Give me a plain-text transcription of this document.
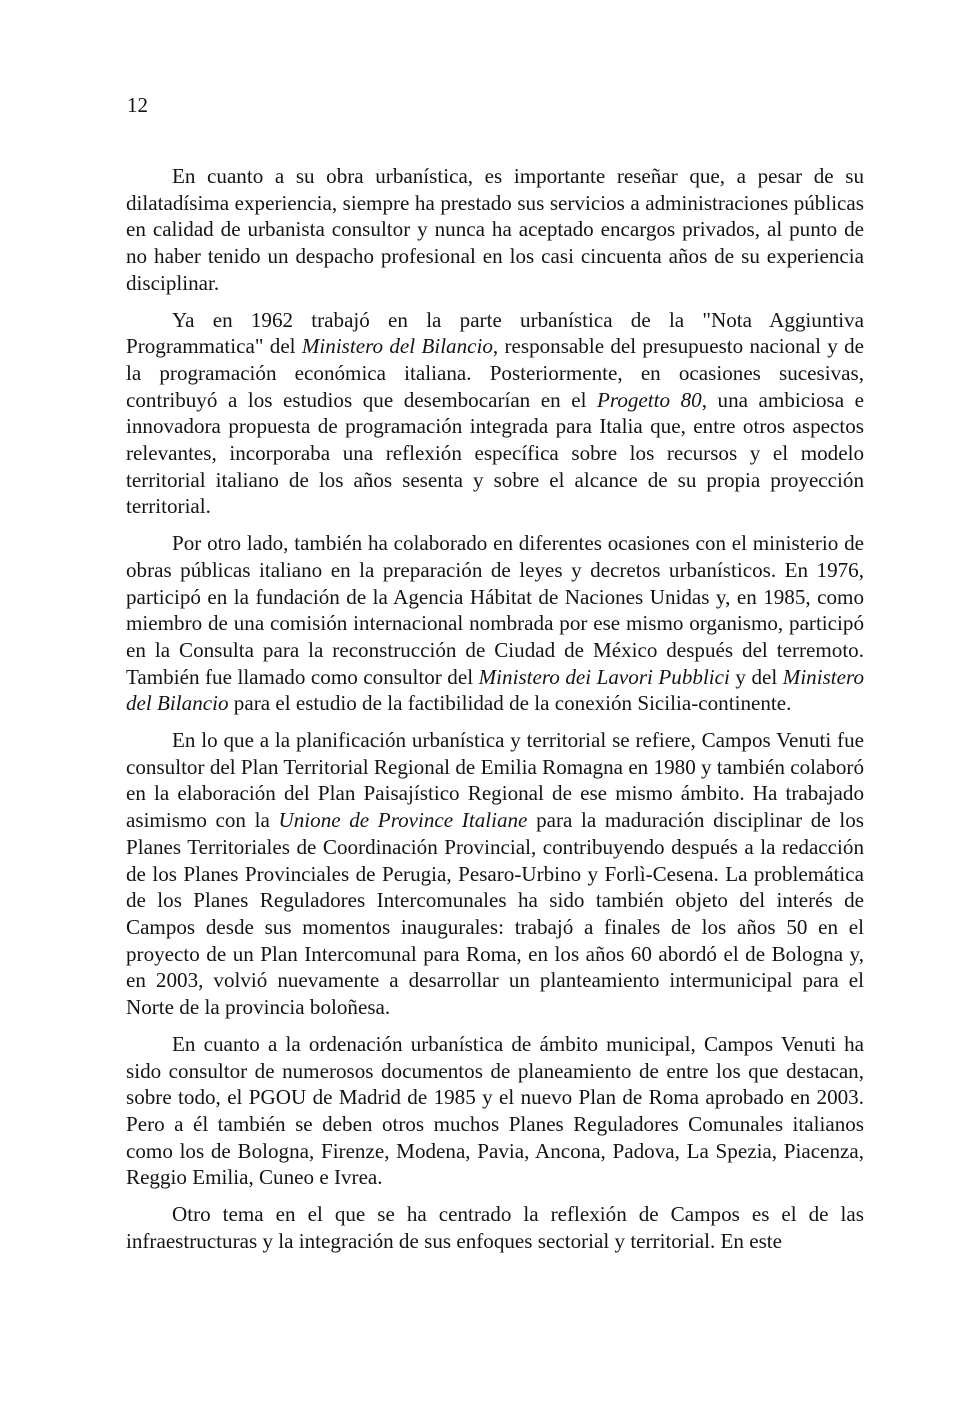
12

En cuanto a su obra urbanística, es importante reseñar que, a pesar de su dilatadísima experiencia, siempre ha prestado sus servicios a administraciones públicas en calidad de urbanista consultor y nunca ha aceptado encargos privados, al punto de no haber tenido un despacho profesional en los casi cincuenta años de su experiencia disciplinar.

Ya en 1962 trabajó en la parte urbanística de la "Nota Aggiuntiva Programmatica" del Ministero del Bilancio, responsable del presupuesto nacional y de la programación económica italiana. Posteriormente, en ocasiones sucesivas, contribuyó a los estudios que desembocarían en el Progetto 80, una ambiciosa e innovadora propuesta de programación integrada para Italia que, entre otros aspectos relevantes, incorporaba una reflexión específica sobre los recursos y el modelo territorial italiano de los años sesenta y sobre el alcance de su propia proyección territorial.

Por otro lado, también ha colaborado en diferentes ocasiones con el ministerio de obras públicas italiano en la preparación de leyes y decretos urbanísticos. En 1976, participó en la fundación de la Agencia Hábitat de Naciones Unidas y, en 1985, como miembro de una comisión internacional nombrada por ese mismo organismo, participó en la Consulta para la reconstrucción de Ciudad de México después del terremoto. También fue llamado como consultor del Ministero dei Lavori Pubblici y del Ministero del Bilancio para el estudio de la factibilidad de la conexión Sicilia-continente.

En lo que a la planificación urbanística y territorial se refiere, Campos Venuti fue consultor del Plan Territorial Regional de Emilia Romagna en 1980 y también colaboró en la elaboración del Plan Paisajístico Regional de ese mismo ámbito. Ha trabajado asimismo con la Unione de Province Italiane para la maduración disciplinar de los Planes Territoriales de Coordinación Provincial, contribuyendo después a la redacción de los Planes Provinciales de Perugia, Pesaro-Urbino y Forlì-Cesena. La problemática de los Planes Reguladores Intercomunales ha sido también objeto del interés de Campos desde sus momentos inaugurales: trabajó a finales de los años 50 en el proyecto de un Plan Intercomunal para Roma, en los años 60 abordó el de Bologna y, en 2003, volvió nuevamente a desarrollar un planteamiento intermunicipal para el Norte de la provincia boloñesa.

En cuanto a la ordenación urbanística de ámbito municipal, Campos Venuti ha sido consultor de numerosos documentos de planeamiento de entre los que destacan, sobre todo, el PGOU de Madrid de 1985 y el nuevo Plan de Roma aprobado en 2003. Pero a él también se deben otros muchos Planes Reguladores Comunales italianos como los de Bologna, Firenze, Modena, Pavia, Ancona, Padova, La Spezia, Piacenza, Reggio Emilia, Cuneo e Ivrea.

Otro tema en el que se ha centrado la reflexión de Campos es el de las infraestructuras y la integración de sus enfoques sectorial y territorial. En este
